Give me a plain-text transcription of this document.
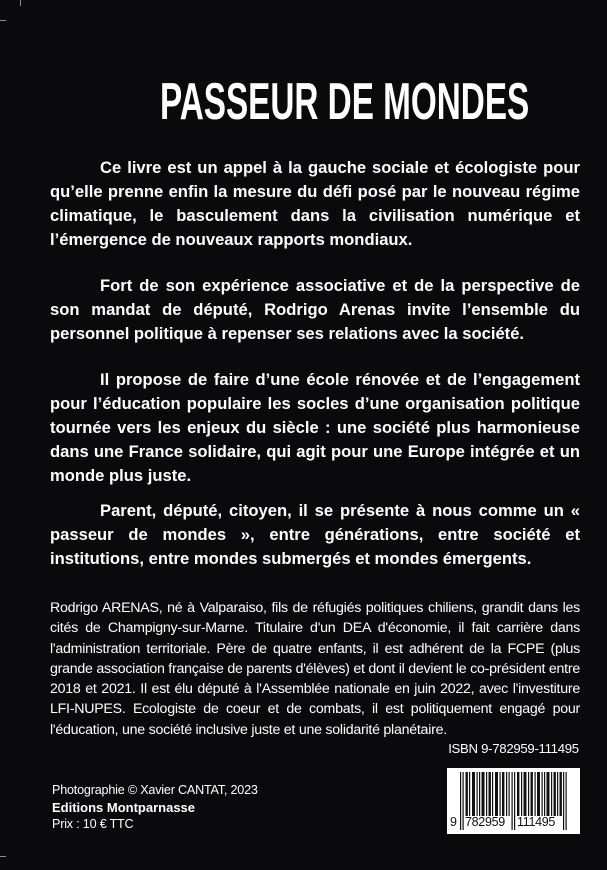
PASSEUR DE MONDES

Ce livre est un appel à la gauche sociale et écologiste pour qu’elle prenne enfin la mesure du défi posé par le nouveau régime climatique, le basculement dans la civilisation numérique et l’émergence de nouveaux rapports mondiaux.

Fort de son expérience associative et de la perspective de son mandat de député, Rodrigo Arenas invite l’ensemble du personnel politique à repenser ses relations avec la société.

Il propose de faire d’une école rénovée et de l’engagement pour l’éducation populaire les socles d’une organisation politique tournée vers les enjeux du siècle : une société plus harmonieuse dans une France solidaire, qui agit pour une Europe intégrée et un monde plus juste.

Parent, député, citoyen, il se présente à nous comme un « passeur de mondes », entre générations, entre société et institutions, entre mondes submergés et mondes émergents.

Rodrigo ARENAS, né à Valparaiso, fils de réfugiés politiques chiliens, grandit dans les cités de Champigny-sur-Marne. Titulaire d'un DEA d'économie, il fait carrière dans l'administration territoriale. Père de quatre enfants, il est adhérent de la FCPE (plus grande association française de parents d'élèves) et dont il devient le co-président entre 2018 et 2021. Il est élu député à l'Assemblée nationale en juin 2022, avec l'investiture LFI-NUPES. Ecologiste de coeur et de combats, il est politiquement engagé pour l'éducation, une société inclusive juste et une solidarité planétaire.

Photographie © Xavier CANTAT, 2023
Editions Montparnasse
Prix : 10 € TTC
ISBN 9-782959-111495
9 782959 111495
